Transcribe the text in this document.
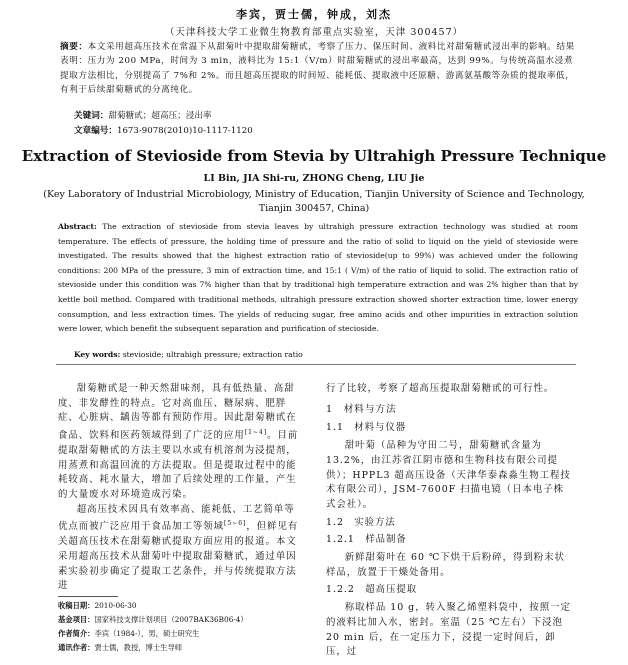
李宾，贾士儒，钟成，刘杰
（天津科技大学工业微生物教育部重点实验室，天津 300457）
摘要：本文采用超高压技术在常温下从甜菊叶中提取甜菊糖甙，考察了压力、保压时间、液料比对甜菊糖甙浸出率的影响。结果表明：压力为 200 MPa，时间为 3 min，液料比为 15:1（V/m）时甜菊糖甙的浸出率最高，达到 99%。与传统高温水浸煮提取方法相比，分别提高了 7%和 2%。而且超高压提取的时间短、能耗低、提取液中还原糖、游离氨基酸等杂质的提取率低，有利于后续甜菊糖甙的分离纯化。
关键词：甜菊糖甙；超高压；浸出率
文章编号：1673-9078(2010)10-1117-1120
Extraction of Stevioside from Stevia by Ultrahigh Pressure Technique
LI Bin, JIA Shi-ru, ZHONG Cheng, LIU Jie
(Key Laboratory of Industrial Microbiology, Ministry of Education, Tianjin University of Science and Technology, Tianjin 300457, China)
Abstract: The extraction of stevioside from stevia leaves by ultrahigh pressure extraction technology was studied at room temperature. The effects of pressure, the holding time of pressure and the ratio of solid to liquid on the yield of stevioside were investigated. The results showed that the highest extraction ratio of stevioside(up to 99%) was achieved under the following conditions: 200 MPa of the pressure, 3 min of extraction time, and 15:1 ( V/m) of the ratio of liquid to solid. The extraction ratio of stevioside under this condition was 7% higher than that by traditional high temperature extraction and was 2% higher than that by kettle boil method. Compared with traditional methods, ultrahigh pressure extraction showed shorter extraction time, lower energy consumption, and less extraction times. The yields of reducing sugar, free amino acids and other impurities in extraction solution were lower, which benefit the subsequent separation and purification of stecioside.
Key words: stevioside; ultrahigh pressure; extraction ratio

甜菊糖甙是一种天然甜味剂，具有低热量、高甜度、非发酵性的特点。它对高血压、糖尿病、肥胖症、心脏病、龋齿等都有预防作用。因此甜菊糖甙在食品、饮料和医药领域得到了广泛的应用[1~4]。目前提取甜菊糖甙的方法主要以水或有机溶剂为浸提剂，用蒸煮和高温回流的方法提取。但是提取过程中的能耗较高、耗水量大，增加了后续处理的工作量，产生的大量废水对环境造成污染。

超高压技术因具有效率高、能耗低、工艺简单等优点而被广泛应用于食品加工等领域[5~6]，但鲜见有关超高压技术在甜菊糖甙提取方面应用的报道。本文采用超高压技术从甜菊叶中提取甜菊糖甙，通过单因素实验初步确定了提取工艺条件，并与传统提取方法进

收稿日期：2010-06-30
基金项目：国家科技支撑计划项目（2007BAK36B06-4）
作者简介：李宾（1984-），男，硕士研究生
通讯作者：贾士儒，教授，博士生导师

行了比较，考察了超高压提取甜菊糖甙的可行性。

1　材料与方法
1.1　材料与仪器

甜叶菊（品种为守田二号，甜菊糖甙含量为13.2%，由江苏省江阴市德和生物科技有限公司提供）；HPPL3 超高压设备（天津华泰森淼生物工程技术有限公司），JSM-7600F 扫描电镜（日本电子株式会社）。

1.2　实验方法
1.2.1　样品制备

新鲜甜菊叶在 60 ℃下烘干后粉碎，得到粉末状样品，放置于干燥处备用。

1.2.2　超高压提取

称取样品 10 g，转入聚乙烯塑料袋中，按照一定的液料比加入水，密封。室温（25 ℃左右）下浸泡 20 min 后，在一定压力下，浸提一定时间后，卸压，过
